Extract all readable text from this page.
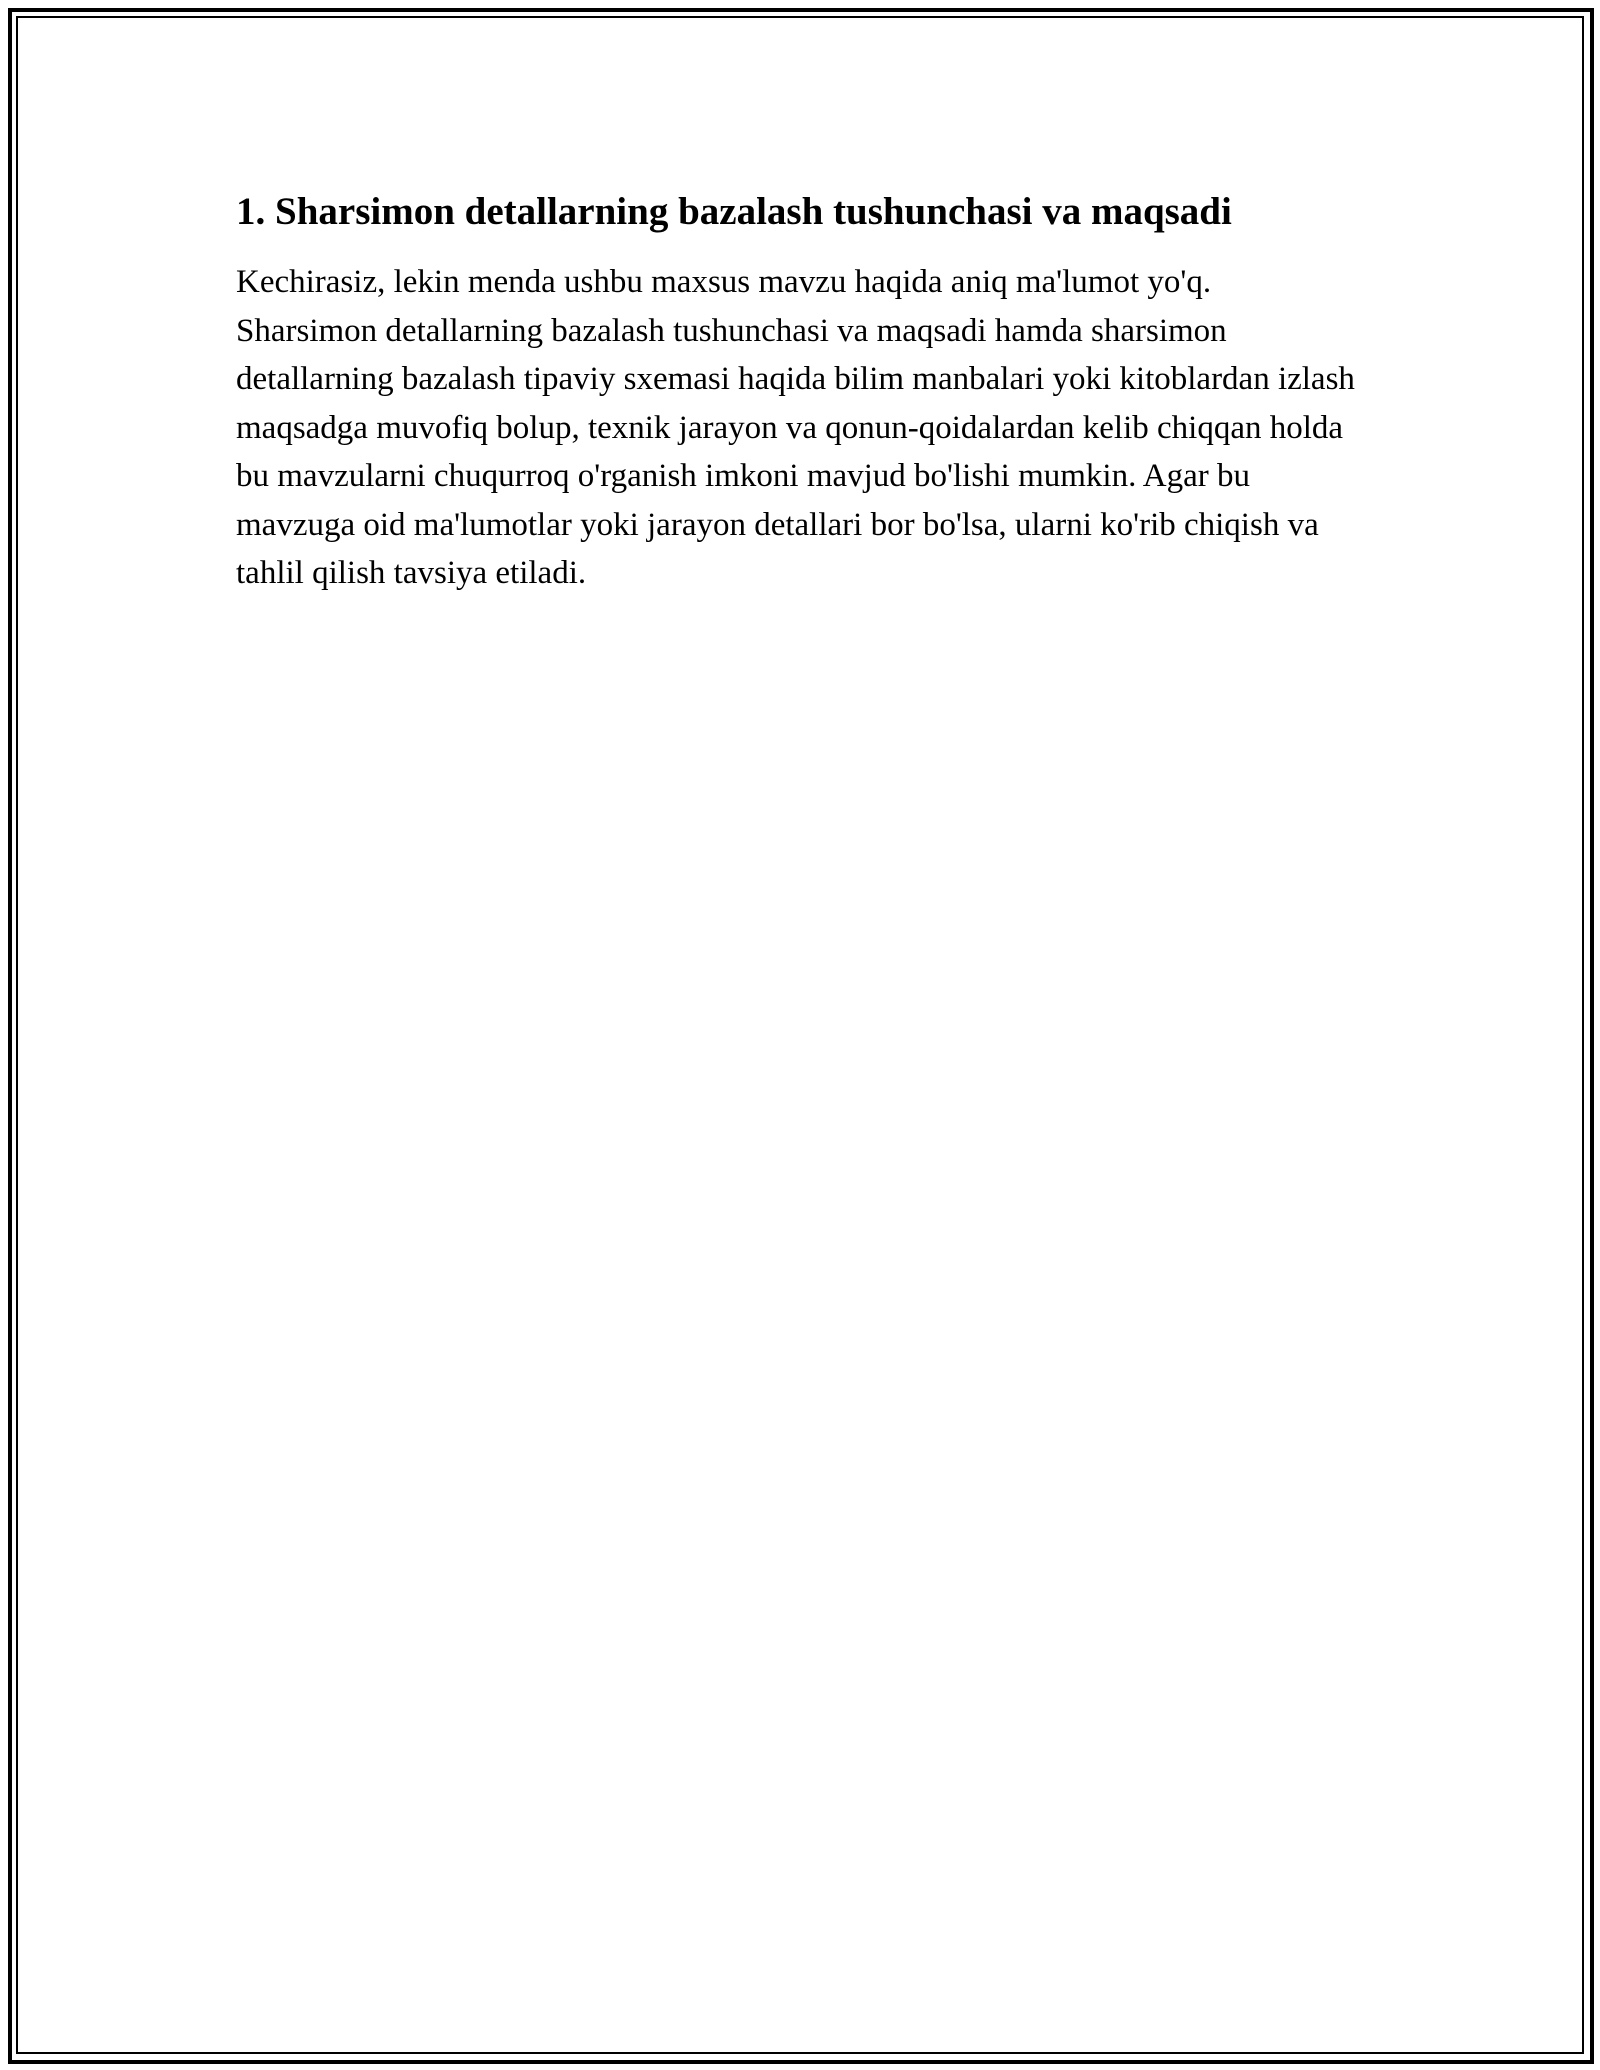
1. Sharsimon detallarning bazalash tushunchasi va maqsadi

Kechirasiz, lekin menda ushbu maxsus mavzu haqida aniq ma'lumot yo'q. Sharsimon detallarning bazalash tushunchasi va maqsadi hamda sharsimon detallarning bazalash tipaviy sxemasi haqida bilim manbalari yoki kitoblardan izlash maqsadga muvofiq bolup, texnik jarayon va qonun-qoidalardan kelib chiqqan holda bu mavzularni chuqurroq o'rganish imkoni mavjud bo'lishi mumkin. Agar bu mavzuga oid ma'lumotlar yoki jarayon detallari bor bo'lsa, ularni ko'rib chiqish va tahlil qilish tavsiya etiladi.
